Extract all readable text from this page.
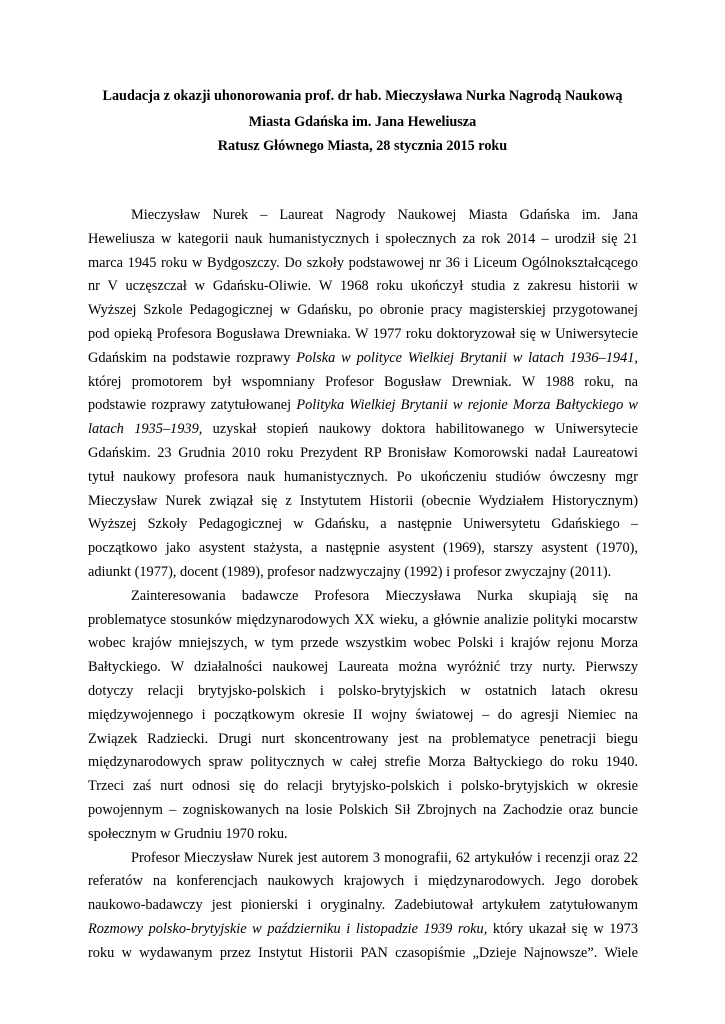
Laudacja z okazji uhonorowania prof. dr hab. Mieczysława Nurka Nagrodą Naukową
Miasta Gdańska im. Jana Heweliusza
Ratusz Głównego Miasta, 28 stycznia 2015 roku
Mieczysław Nurek – Laureat Nagrody Naukowej Miasta Gdańska im. Jana
Heweliusza w kategorii nauk humanistycznych i społecznych za rok 2014 – urodził się 21
marca 1945 roku w Bydgoszczy. Do szkoły podstawowej nr 36 i Liceum Ogólnokształcącego
nr V uczęszczał w Gdańsku-Oliwie. W 1968 roku ukończył studia z zakresu historii w
Wyższej Szkole Pedagogicznej w Gdańsku, po obronie pracy magisterskiej przygotowanej
pod opieką Profesora Bogusława Drewniaka. W 1977 roku doktoryzował się w Uniwersytecie
Gdańskim na podstawie rozprawy Polska w polityce Wielkiej Brytanii w latach 1936–1941,
której promotorem był wspomniany Profesor Bogusław Drewniak. W 1988 roku, na
podstawie rozprawy zatytułowanej Polityka Wielkiej Brytanii w rejonie Morza Bałtyckiego w
latach 1935–1939, uzyskał stopień naukowy doktora habilitowanego w Uniwersytecie
Gdańskim. 23 Grudnia 2010 roku Prezydent RP Bronisław Komorowski nadał Laureatowi
tytuł naukowy profesora nauk humanistycznych. Po ukończeniu studiów ówczesny mgr
Mieczysław Nurek związał się z Instytutem Historii (obecnie Wydziałem Historycznym)
Wyższej Szkoły Pedagogicznej w Gdańsku, a następnie Uniwersytetu Gdańskiego –
początkowo jako asystent stażysta, a następnie asystent (1969), starszy asystent (1970),
adiunkt (1977), docent (1989), profesor nadzwyczajny (1992) i profesor zwyczajny (2011).
Zainteresowania badawcze Profesora Mieczysława Nurka skupiają się na
problematyce stosunków międzynarodowych XX wieku, a głównie analizie polityki mocarstw
wobec krajów mniejszych, w tym przede wszystkim wobec Polski i krajów rejonu Morza
Bałtyckiego. W działalności naukowej Laureata można wyróżnić trzy nurty. Pierwszy
dotyczy relacji brytyjsko-polskich i polsko-brytyjskich w ostatnich latach okresu
międzywojennego i początkowym okresie II wojny światowej – do agresji Niemiec na
Związek Radziecki. Drugi nurt skoncentrowany jest na problematyce penetracji biegu
międzynarodowych spraw politycznych w całej strefie Morza Bałtyckiego do roku 1940.
Trzeci zaś nurt odnosi się do relacji brytyjsko-polskich i polsko-brytyjskich w okresie
powojennym – zogniskowanych na losie Polskich Sił Zbrojnych na Zachodzie oraz buncie
społecznym w Grudniu 1970 roku.
Profesor Mieczysław Nurek jest autorem 3 monografii, 62 artykułów i recenzji oraz 22
referatów na konferencjach naukowych krajowych i międzynarodowych. Jego dorobek
naukowo-badawczy jest pionierski i oryginalny. Zadebiutował artykułem zatytułowanym
Rozmowy polsko-brytyjskie w październiku i listopadzie 1939 roku, który ukazał się w 1973
roku w wydawanym przez Instytut Historii PAN czasopiśmie „Dzieje Najnowsze”. Wiele
